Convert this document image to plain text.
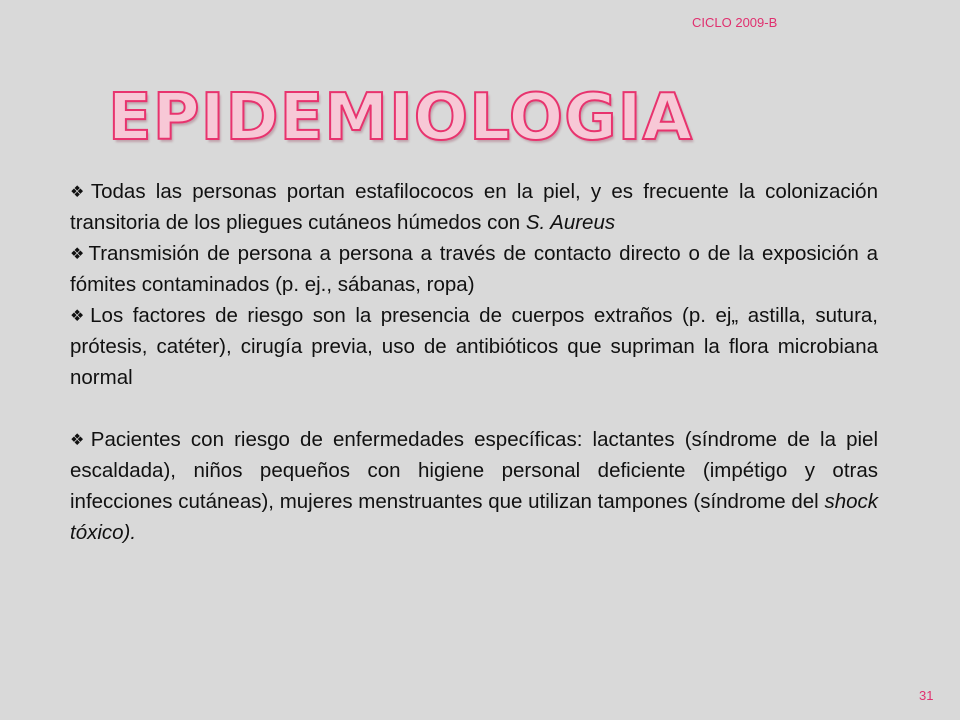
CICLO 2009-B
EPIDEMIOLOGIA

❖Todas las personas portan estafilococos en la piel, y es frecuente la colonización transitoria de los pliegues cutáneos húmedos con S. Aureus

❖Transmisión de persona a persona a través de contacto directo o de la exposición a fómites contaminados (p. ej., sábanas, ropa)

❖Los factores de riesgo son la presencia de cuerpos extraños (p. ej„ astilla, sutura, prótesis, catéter), cirugía previa, uso de antibióticos que supriman la flora microbiana normal

❖Pacientes con riesgo de enfermedades específicas: lactantes (síndrome de la piel escaldada), niños pequeños con higiene personal deficiente (impétigo y otras infecciones cutáneas), mujeres menstruantes que utilizan tampones (síndrome del shock tóxico).

31
